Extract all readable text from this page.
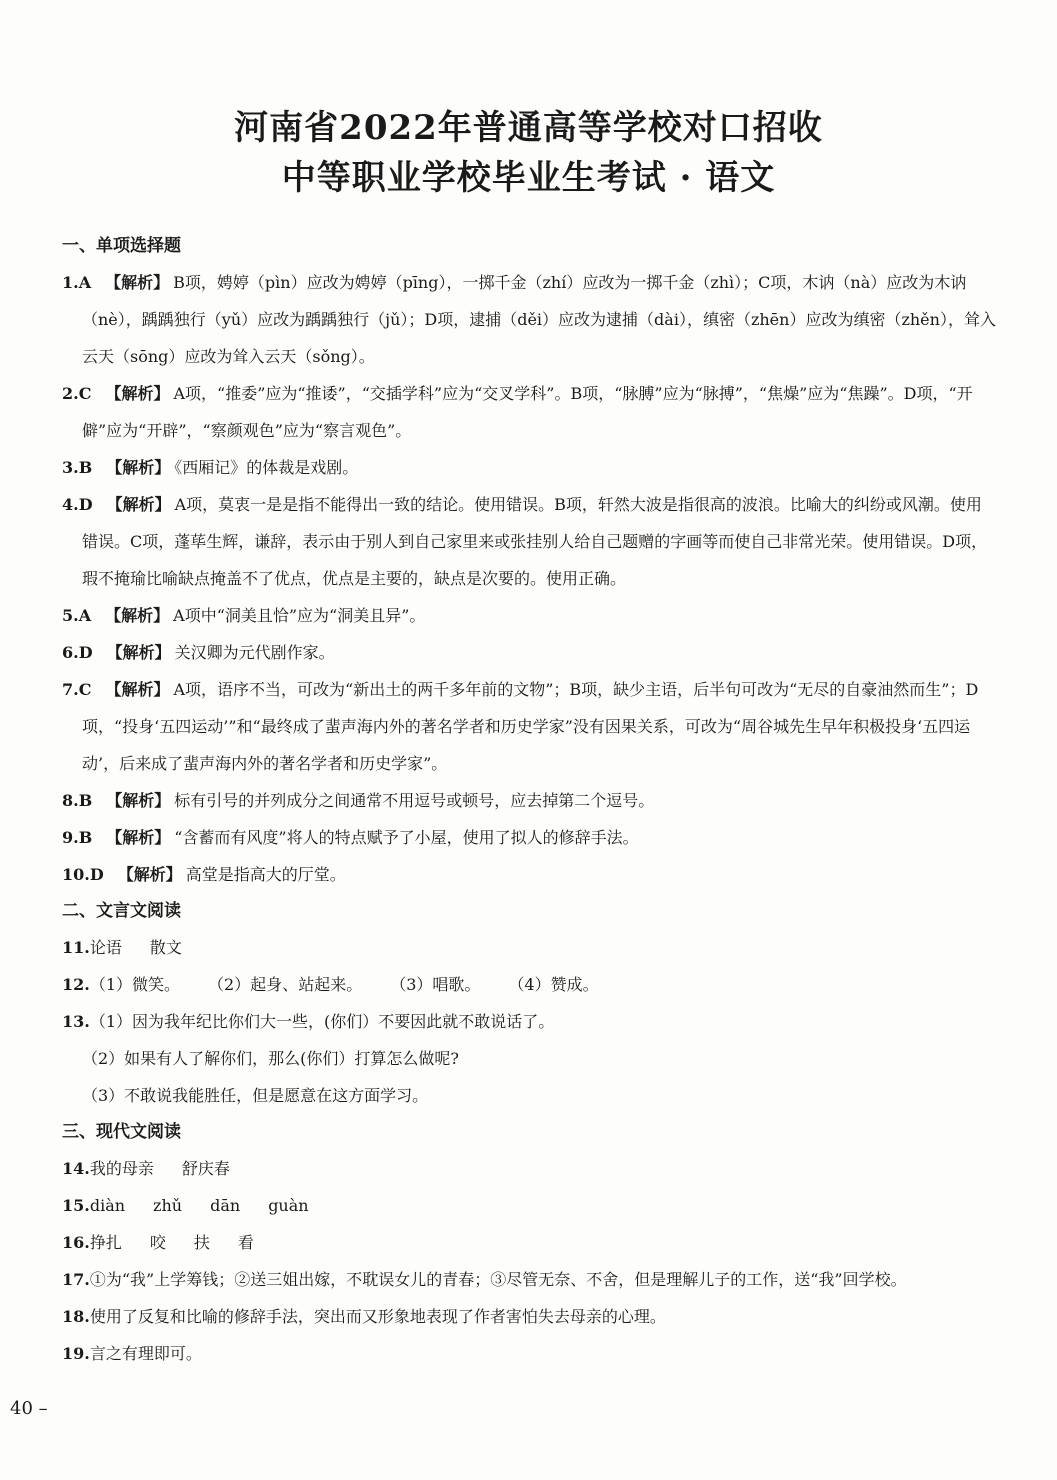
河南省2022年普通高等学校对口招收
中等职业学校毕业生考试 · 语文
一、单项选择题
1.A 【解析】 B项，娉婷（pìn）应改为娉婷（pīng），一掷千金（zhí）应改为一掷千金（zhì）；C项，木讷（nà）应改为木讷（nè），踽踽独行（yǔ）应改为踽踽独行（jǔ）；D项，逮捕（děi）应改为逮捕（dài），缜密（zhēn）应改为缜密（zhěn），耸入云天（sōng）应改为耸入云天（sǒng）。
2.C 【解析】 A项，“推委”应为“推诿”，“交插学科”应为“交叉学科”。B项，“脉膊”应为“脉搏”，“焦燥”应为“焦躁”。D项，“开僻”应为“开辟”，“察颜观色”应为“察言观色”。
3.B 【解析】 《西厢记》的体裁是戏剧。
4.D 【解析】 A项，莫衷一是是指不能得出一致的结论。使用错误。B项，轩然大波是指很高的波浪。比喻大的纠纷或风潮。使用错误。C项，蓬荜生辉，谦辞，表示由于别人到自己家里来或张挂别人给自己题赠的字画等而使自己非常光荣。使用错误。D项，瑕不掩瑜比喻缺点掩盖不了优点，优点是主要的，缺点是次要的。使用正确。
5.A 【解析】 A项中“洞美且恰”应为“洞美且异”。
6.D 【解析】 关汉卿为元代剧作家。
7.C 【解析】 A项，语序不当，可改为“新出土的两千多年前的文物”；B项，缺少主语，后半句可改为“无尽的自豪油然而生”；D项，“投身‘五四运动’”和“最终成了蜚声海内外的著名学者和历史学家”没有因果关系，可改为“周谷城先生早年积极投身‘五四运动’，后来成了蜚声海内外的著名学者和历史学家”。
8.B 【解析】 标有引号的并列成分之间通常不用逗号或顿号，应去掉第二个逗号。
9.B 【解析】 “含蓄而有风度”将人的特点赋予了小屋，使用了拟人的修辞手法。
10.D 【解析】 高堂是指高大的厅堂。
二、文言文阅读
11.论语 散文
12.（1）微笑。 （2）起身、站起来。 （3）唱歌。 （4）赞成。
13.（1）因为我年纪比你们大一些，(你们）不要因此就不敢说话了。
（2）如果有人了解你们，那么(你们）打算怎么做呢?
（3）不敢说我能胜任，但是愿意在这方面学习。
三、现代文阅读
14.我的母亲 舒庆春
15.diàn zhǔ dān guàn
16.挣扎 咬 扶 看
17.①为“我”上学筹钱；②送三姐出嫁，不耽误女儿的青春；③尽管无奈、不舍，但是理解儿子的工作，送“我”回学校。
18.使用了反复和比喻的修辞手法，突出而又形象地表现了作者害怕失去母亲的心理。
19.言之有理即可。
40 –
